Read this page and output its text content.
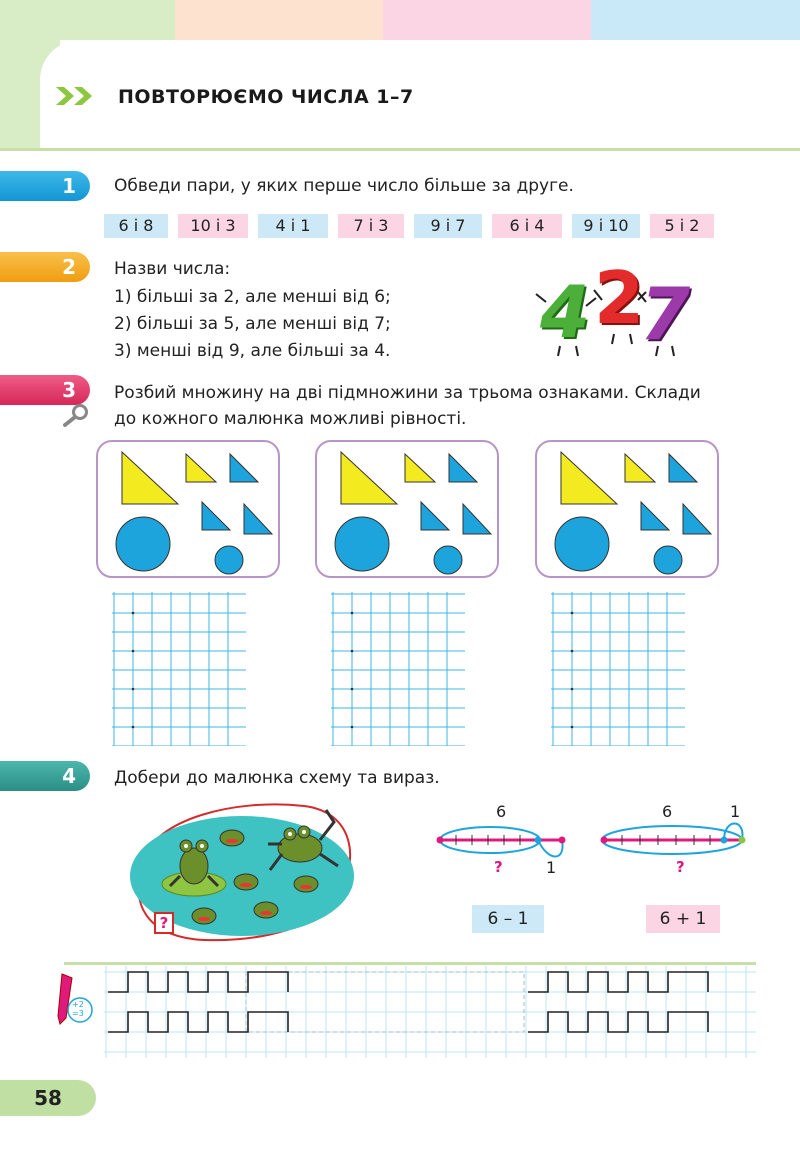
ПОВТОРЮЄМО ЧИСЛА 1–7
1	Обведи пари, у яких перше число більше за друге.
6 і 8	10 і 3	4 і 1	7 і 3	9 і 7	6 і 4	9 і 10	5 і 2
2	Назви числа:
1) більші за 2, але менші від 6;
2) більші за 5, але менші від 7;
3) менші від 9, але більші за 4. 4 2
7
3	Розбий множину на дві підмножини за трьома ознаками. Склади
до кожного малюнка можливі рівності.
4	Добери до малюнка схему та вираз.
?
6
?	1
6	1
?
6 – 1	6 + 1
+2 =3
58
